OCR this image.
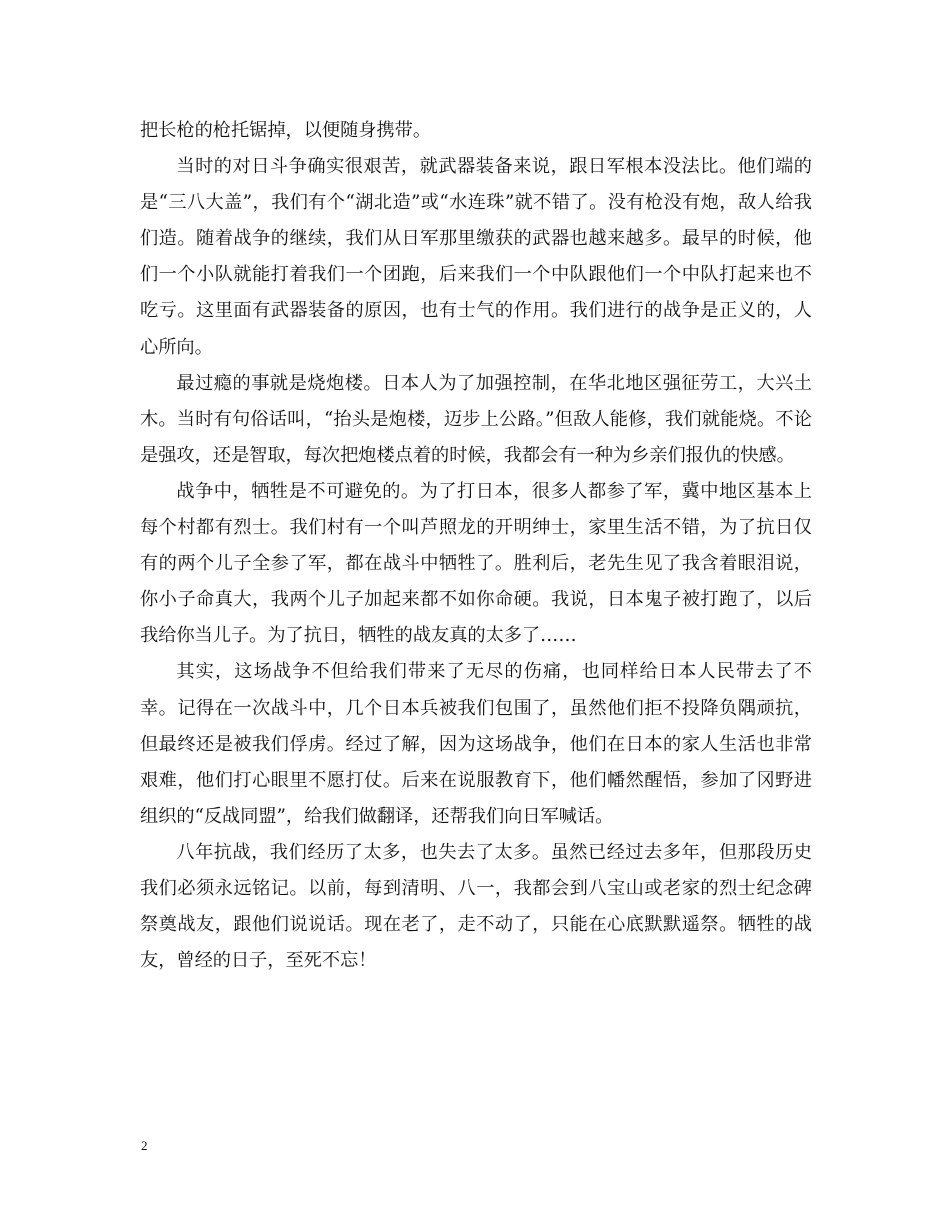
把长枪的枪托锯掉，以便随身携带。

当时的对日斗争确实很艰苦，就武器装备来说，跟日军根本没法比。他们端的是“三八大盖”，我们有个“湖北造”或“水连珠”就不错了。没有枪没有炮，敌人给我们造。随着战争的继续，我们从日军那里缴获的武器也越来越多。最早的时候，他们一个小队就能打着我们一个团跑，后来我们一个中队跟他们一个中队打起来也不吃亏。这里面有武器装备的原因，也有士气的作用。我们进行的战争是正义的，人心所向。

最过瘾的事就是烧炮楼。日本人为了加强控制，在华北地区强征劳工，大兴土木。当时有句俗话叫，“抬头是炮楼，迈步上公路。”但敌人能修，我们就能烧。不论是强攻，还是智取，每次把炮楼点着的时候，我都会有一种为乡亲们报仇的快感。

战争中，牺牲是不可避免的。为了打日本，很多人都参了军，冀中地区基本上每个村都有烈士。我们村有一个叫芦照龙的开明绅士，家里生活不错，为了抗日仅有的两个儿子全参了军，都在战斗中牺牲了。胜利后，老先生见了我含着眼泪说，你小子命真大，我两个儿子加起来都不如你命硬。我说，日本鬼子被打跑了，以后我给你当儿子。为了抗日，牺牲的战友真的太多了……

其实，这场战争不但给我们带来了无尽的伤痛，也同样给日本人民带去了不幸。记得在一次战斗中，几个日本兵被我们包围了，虽然他们拒不投降负隅顽抗，但最终还是被我们俘虏。经过了解，因为这场战争，他们在日本的家人生活也非常艰难，他们打心眼里不愿打仗。后来在说服教育下，他们幡然醒悟，参加了冈野进组织的“反战同盟”，给我们做翻译，还帮我们向日军喊话。

八年抗战，我们经历了太多，也失去了太多。虽然已经过去多年，但那段历史我们必须永远铭记。以前，每到清明、八一，我都会到八宝山或老家的烈士纪念碑祭奠战友，跟他们说说话。现在老了，走不动了，只能在心底默默遥祭。牺牲的战友，曾经的日子，至死不忘！

2
